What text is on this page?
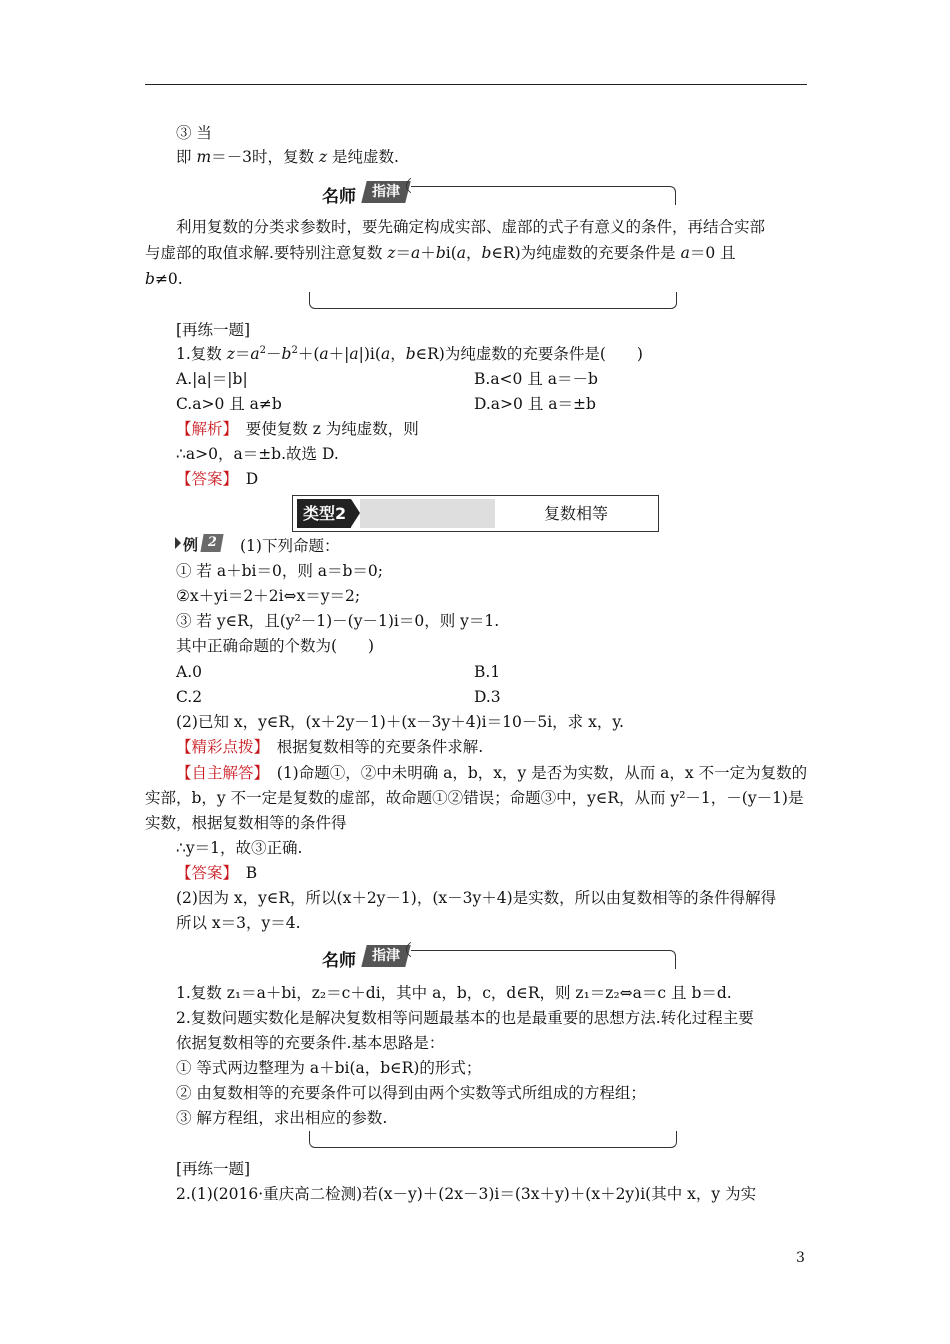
③ 当
即 m＝－3时，复数 z 是纯虚数.
名师	指津
利用复数的分类求参数时，要先确定构成实部、虚部的式子有意义的条件，再结合实部
与虚部的取值求解.要特别注意复数 z＝a＋bi(a，b∈R)为纯虚数的充要条件是 a＝0 且
b≠0.
[再练一题]
1.复数 $z=a^2-b^2+(a+|a|)i(a$，b∈R)为纯虚数的充要条件是(　　)
A.|a|＝|b|	B.a<0 且 a＝－b
C.a>0 且 a≠b	D.a>0 且 a＝±b
【解析】　要使复数 z 为纯虚数，则
∴a>0，a＝±b.故选 D.
【答案】　D
类型2	复数相等
例 2	(1)下列命题：
① 若 a＋bi＝0，则 a＝b＝0;
②x＋yi＝2＋2i⇔x＝y＝2;
③ 若 y∈R，且(y²－1)－(y－1)i＝0，则 y＝1.
其中正确命题的个数为(　　)
A.0	B.1
C.2	D.3
(2)已知 x，y∈R，(x＋2y－1)＋(x－3y＋4)i＝10－5i，求 x，y.
【精彩点拨】　根据复数相等的充要条件求解.
【自主解答】　(1)命题①，②中未明确 a，b，x，y 是否为实数，从而 a，x 不一定为复数的
实部，b，y 不一定是复数的虚部，故命题①②错误；命题③中，y∈R，从而 y²－1，－(y－1)是
实数，根据复数相等的条件得
∴y＝1，故③正确.
【答案】　B
(2)因为 x，y∈R，所以(x＋2y－1)，(x－3y＋4)是实数，所以由复数相等的条件得解得
所以 x＝3，y＝4.
名师	指津
1.复数 z₁＝a＋bi，z₂＝c＋di，其中 a，b，c，d∈R，则 z₁＝z₂⇔a＝c 且 b＝d.
2.复数问题实数化是解决复数相等问题最基本的也是最重要的思想方法.转化过程主要
依据复数相等的充要条件.基本思路是：
① 等式两边整理为 a＋bi(a，b∈R)的形式；
② 由复数相等的充要条件可以得到由两个实数等式所组成的方程组；
③ 解方程组，求出相应的参数.
[再练一题]
2.(1)(2016·重庆高二检测)若(x－y)＋(2x－3)i＝(3x＋y)＋(x＋2y)i(其中 x，y 为实
3
